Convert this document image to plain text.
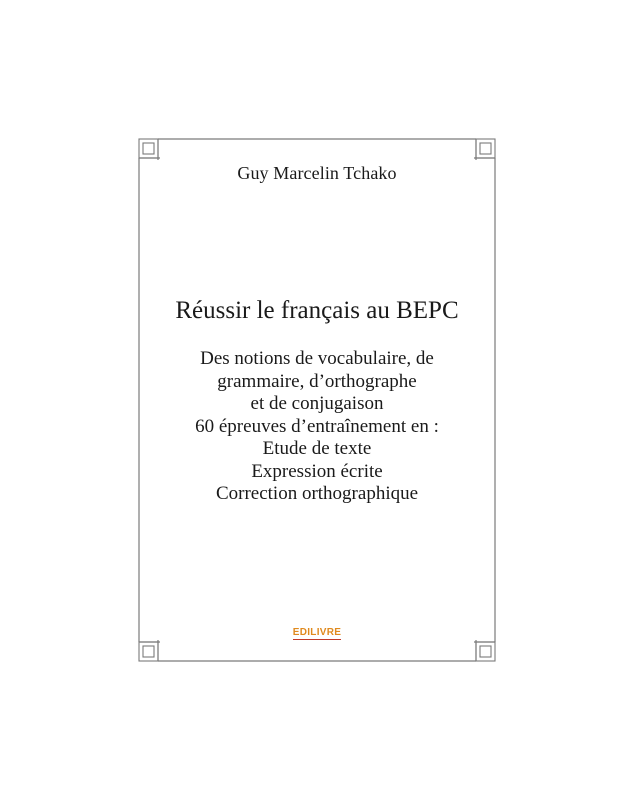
Guy Marcelin Tchako
Réussir le français au BEPC
Des notions de vocabulaire, de
grammaire, d’orthographe
et de conjugaison
60 épreuves d’entraînement en :
Etude de texte
Expression écrite
Correction orthographique
EDILIVRE
